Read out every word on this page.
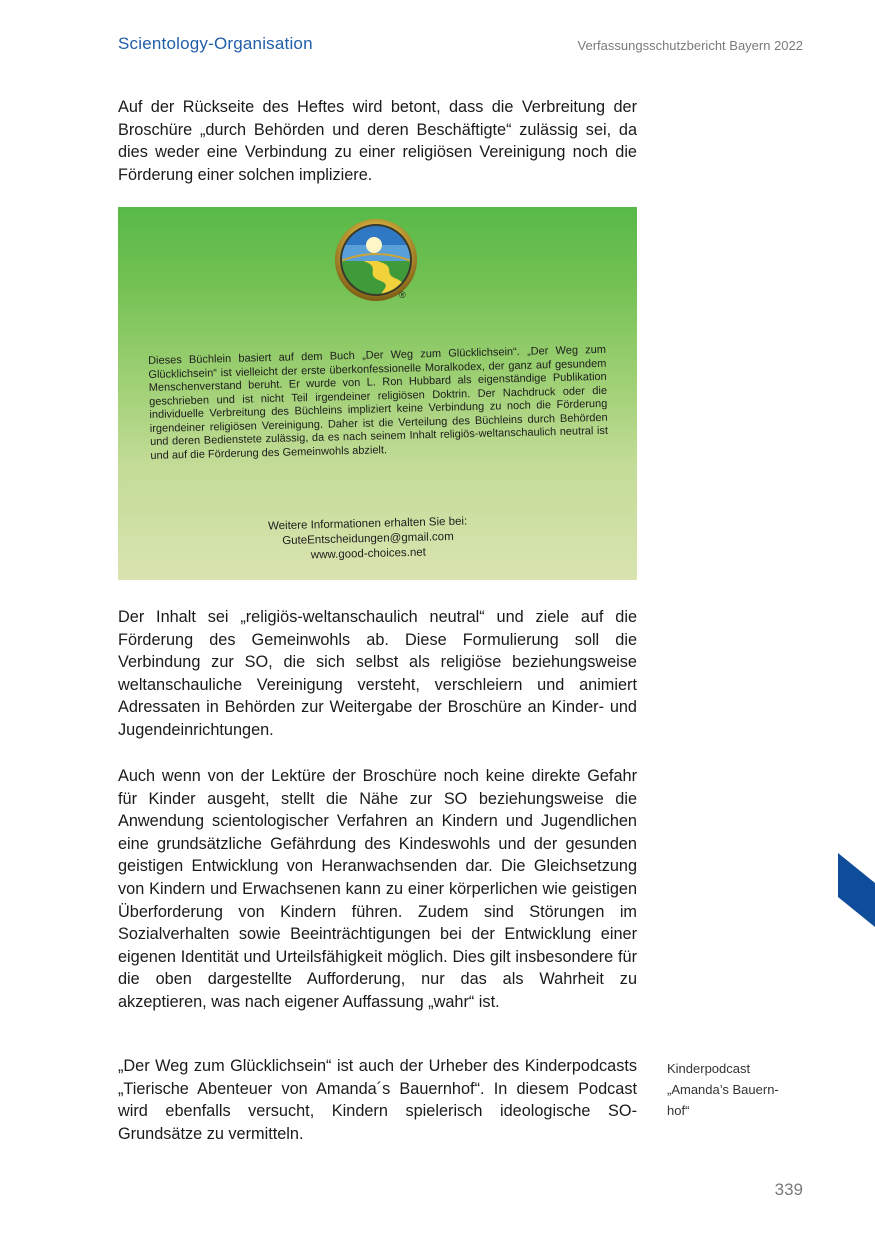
Scientology-Organisation	Verfassungsschutzbericht Bayern 2022
Auf der Rückseite des Heftes wird betont, dass die Verbreitung der Broschüre „durch Behörden und deren Beschäftigte“ zulässig sei, da dies weder eine Verbindung zu einer religiösen Vereinigung noch die Förderung einer solchen impliziere.
®
Dieses Büchlein basiert auf dem Buch „Der Weg zum Glücklichsein“. „Der Weg zum Glücklichsein“ ist vielleicht der erste überkonfessionelle Moralkodex, der ganz auf gesundem Menschenverstand beruht. Er wurde von L. Ron Hubbard als eigenständige Publikation geschrieben und ist nicht Teil irgendeiner religiösen Doktrin. Der Nachdruck oder die individuelle Verbreitung des Büchleins impliziert keine Verbindung zu noch die Förderung irgendeiner religiösen Vereinigung. Daher ist die Verteilung des Büchleins durch Behörden und deren Bedienstete zulässig, da es nach seinem Inhalt religiös-weltanschaulich neutral ist und auf die Förderung des Gemeinwohls abzielt.
Weitere Informationen erhalten Sie bei:
GuteEntscheidungen@gmail.com
www.good-choices.net
Der Inhalt sei „religiös-weltanschaulich neutral“ und ziele auf die Förderung des Gemeinwohls ab. Diese Formulierung soll die Verbindung zur SO, die sich selbst als religiöse beziehungsweise weltanschauliche Vereinigung versteht, verschleiern und animiert Adressaten in Behörden zur Weitergabe der Broschüre an Kinder- und Jugendeinrichtungen.
Auch wenn von der Lektüre der Broschüre noch keine direkte Gefahr für Kinder ausgeht, stellt die Nähe zur SO beziehungsweise die Anwendung scientologischer Verfahren an Kindern und Jugendlichen eine grundsätzliche Gefährdung des Kindeswohls und der gesunden geistigen Entwicklung von Heranwachsenden dar. Die Gleichsetzung von Kindern und Erwachsenen kann zu einer körperlichen wie geistigen Überforderung von Kindern führen. Zudem sind Störungen im Sozialverhalten sowie Beeinträchtigungen bei der Entwicklung einer eigenen Identität und Urteilsfähigkeit möglich. Dies gilt insbesondere für die oben dargestellte Aufforderung, nur das als Wahrheit zu akzeptieren, was nach eigener Auffassung „wahr“ ist.
„Der Weg zum Glücklichsein“ ist auch der Urheber des Kinderpodcasts „Tierische Abenteuer von Amanda´s Bauernhof“. In diesem Podcast wird ebenfalls versucht, Kindern spielerisch ideologische SO-Grundsätze zu vermitteln.
Kinderpodcast
„Amanda’s Bauern-
hof“
339
